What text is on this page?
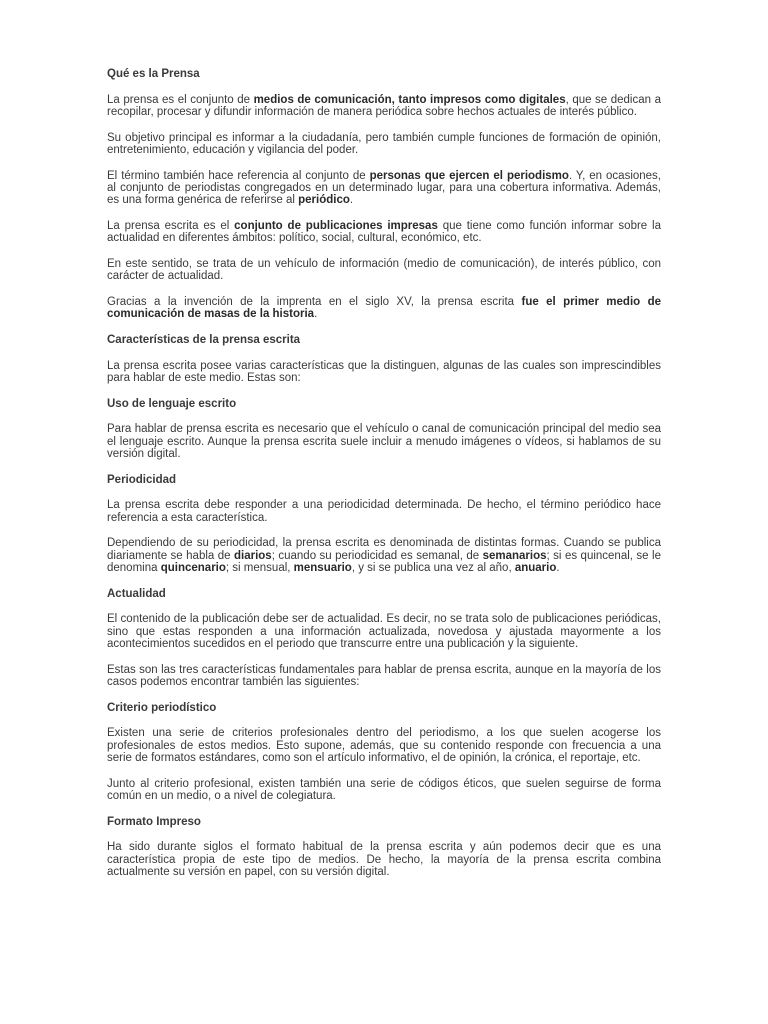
Qué es la Prensa

La prensa es el conjunto de medios de comunicación, tanto impresos como digitales, que se dedican a recopilar, procesar y difundir información de manera periódica sobre hechos actuales de interés público.

Su objetivo principal es informar a la ciudadanía, pero también cumple funciones de formación de opinión, entretenimiento, educación y vigilancia del poder.

El término también hace referencia al conjunto de personas que ejercen el periodismo. Y, en ocasiones, al conjunto de periodistas congregados en un determinado lugar, para una cobertura informativa. Además, es una forma genérica de referirse al periódico.

La prensa escrita es el conjunto de publicaciones impresas que tiene como función informar sobre la actualidad en diferentes ámbitos: político, social, cultural, económico, etc.

En este sentido, se trata de un vehículo de información (medio de comunicación), de interés público, con carácter de actualidad.

Gracias a la invención de la imprenta en el siglo XV, la prensa escrita fue el primer medio de comunicación de masas de la historia.

Características de la prensa escrita

La prensa escrita posee varias características que la distinguen, algunas de las cuales son imprescindibles para hablar de este medio. Estas son:

Uso de lenguaje escrito

Para hablar de prensa escrita es necesario que el vehículo o canal de comunicación principal del medio sea el lenguaje escrito. Aunque la prensa escrita suele incluir a menudo imágenes o vídeos, si hablamos de su versión digital.

Periodicidad

La prensa escrita debe responder a una periodicidad determinada. De hecho, el término periódico hace referencia a esta característica.

Dependiendo de su periodicidad, la prensa escrita es denominada de distintas formas. Cuando se publica diariamente se habla de diarios; cuando su periodicidad es semanal, de semanarios; si es quincenal, se le denomina quincenario; si mensual, mensuario, y si se publica una vez al año, anuario.

Actualidad

El contenido de la publicación debe ser de actualidad. Es decir, no se trata solo de publicaciones periódicas, sino que estas responden a una información actualizada, novedosa y ajustada mayormente a los acontecimientos sucedidos en el periodo que transcurre entre una publicación y la siguiente.

Estas son las tres características fundamentales para hablar de prensa escrita, aunque en la mayoría de los casos podemos encontrar también las siguientes:

Criterio periodístico

Existen una serie de criterios profesionales dentro del periodismo, a los que suelen acogerse los profesionales de estos medios. Esto supone, además, que su contenido responde con frecuencia a una serie de formatos estándares, como son el artículo informativo, el de opinión, la crónica, el reportaje, etc.

Junto al criterio profesional, existen también una serie de códigos éticos, que suelen seguirse de forma común en un medio, o a nivel de colegiatura.

Formato Impreso

Ha sido durante siglos el formato habitual de la prensa escrita y aún podemos decir que es una característica propia de este tipo de medios. De hecho, la mayoría de la prensa escrita combina actualmente su versión en papel, con su versión digital.
